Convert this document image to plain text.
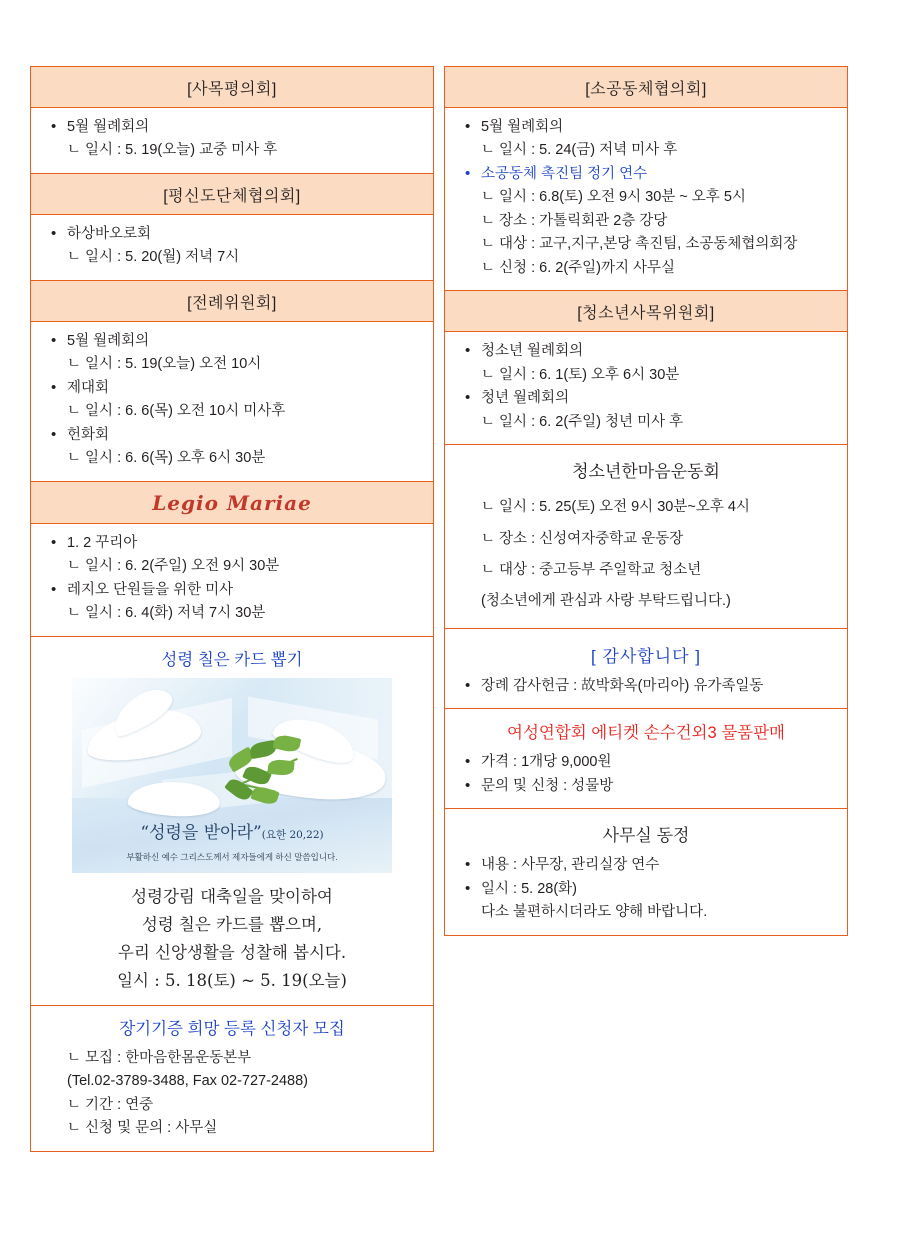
[사목평의회]
• 5월 월례회의
ㄴ 일시 : 5. 19(오늘) 교중 미사 후
[평신도단체협의회]
• 하상바오로회
ㄴ 일시 : 5. 20(월) 저녁 7시
[전례위원회]
• 5월 월례회의
ㄴ 일시 : 5. 19(오늘) 오전 10시
• 제대회
ㄴ 일시 : 6. 6(목) 오전 10시 미사후
• 헌화회
ㄴ 일시 : 6. 6(목) 오후 6시 30분
Legio Mariae
• 1. 2 꾸리아
ㄴ 일시 : 6. 2(주일) 오전 9시 30분
• 레지오 단원들을 위한 미사
ㄴ 일시 : 6. 4(화) 저녁 7시 30분
성령 칠은 카드 뽑기
“성령을 받아라”(요한 20,22)
부활하신 예수 그리스도께서 제자들에게 하신 말씀입니다.
성령강림 대축일을 맞이하여
성령 칠은 카드를 뽑으며,
우리 신앙생활을 성찰해 봅시다.
일시 : 5. 18(토) ~ 5. 19(오늘)
장기기증 희망 등록 신청자 모집
ㄴ 모집 : 한마음한몸운동본부
(Tel.02-3789-3488, Fax 02-727-2488)
ㄴ 기간 : 연중
ㄴ 신청 및 문의 : 사무실
[소공동체협의회]
• 5월 월례회의
ㄴ 일시 : 5. 24(금) 저녁 미사 후
• 소공동체 촉진팀 정기 연수
ㄴ 일시 : 6.8(토) 오전 9시 30분 ~ 오후 5시
ㄴ 장소 : 가톨릭회관 2층 강당
ㄴ 대상 : 교구,지구,본당 촉진팀, 소공동체협의회장
ㄴ 신청 : 6. 2(주일)까지 사무실
[청소년사목위원회]
• 청소년 월례회의
ㄴ 일시 : 6. 1(토) 오후 6시 30분
• 청년 월례회의
ㄴ 일시 : 6. 2(주일) 청년 미사 후
청소년한마음운동회
ㄴ 일시 : 5. 25(토) 오전 9시 30분~오후 4시
ㄴ 장소 : 신성여자중학교 운동장
ㄴ 대상 : 중고등부 주일학교 청소년
(청소년에게 관심과 사랑 부탁드립니다.)
[ 감사합니다 ]
• 장례 감사헌금 : 故박화옥(마리아) 유가족일동
여성연합회 에티켓 손수건외3 물품판매
• 가격 : 1개당 9,000원
• 문의 및 신청 : 성물방
사무실 동정
• 내용 : 사무장, 관리실장 연수
• 일시 : 5. 28(화)
다소 불편하시더라도 양해 바랍니다.
